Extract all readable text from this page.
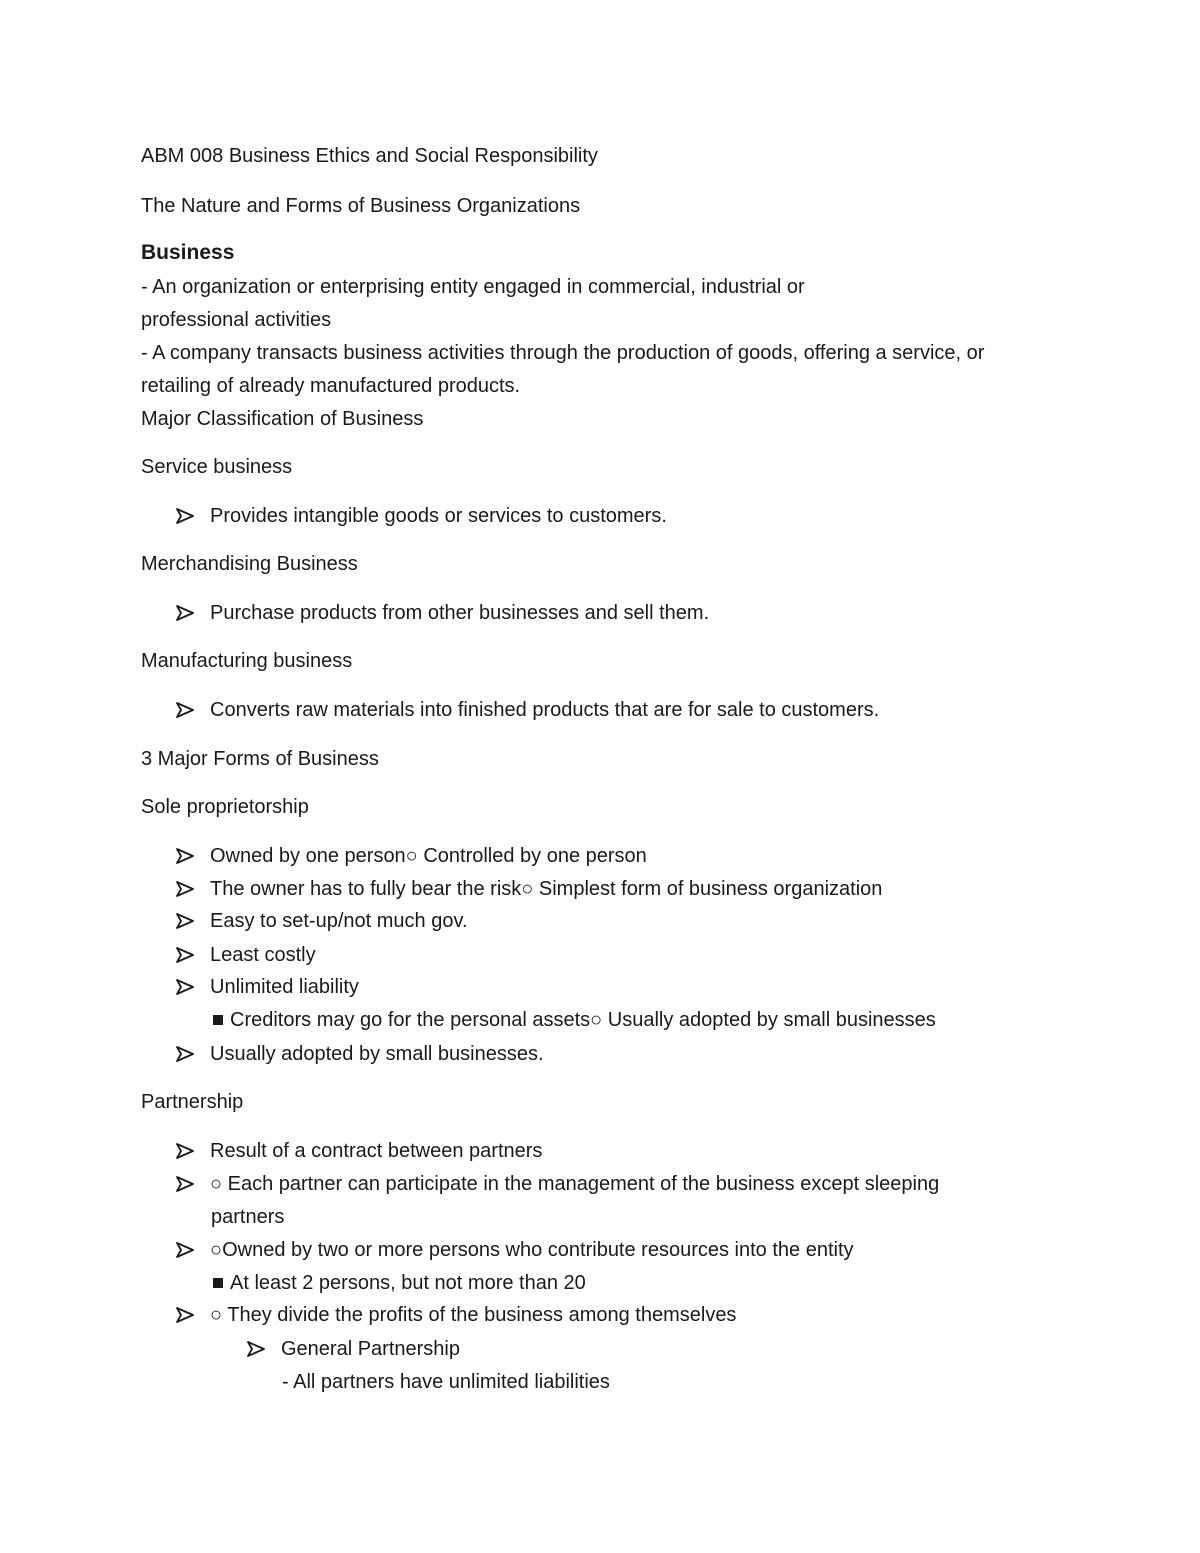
ABM 008 Business Ethics and Social Responsibility
The Nature and Forms of Business Organizations
Business
- An organization or enterprising entity engaged in commercial, industrial or
professional activities
- A company transacts business activities through the production of goods, offering a service, or
retailing of already manufactured products.
Major Classification of Business
Service business
Provides intangible goods or services to customers.
Merchandising Business
Purchase products from other businesses and sell them.
Manufacturing business
Converts raw materials into finished products that are for sale to customers.
3 Major Forms of Business
Sole proprietorship
Owned by one person○ Controlled by one person
The owner has to fully bear the risk○ Simplest form of business organization
Easy to set-up/not much gov.
Least costly
Unlimited liability
Creditors may go for the personal assets○ Usually adopted by small businesses
Usually adopted by small businesses.
Partnership
Result of a contract between partners
○ Each partner can participate in the management of the business except sleeping
partners
○Owned by two or more persons who contribute resources into the entity
At least 2 persons, but not more than 20
○ They divide the profits of the business among themselves
General Partnership
- All partners have unlimited liabilities
